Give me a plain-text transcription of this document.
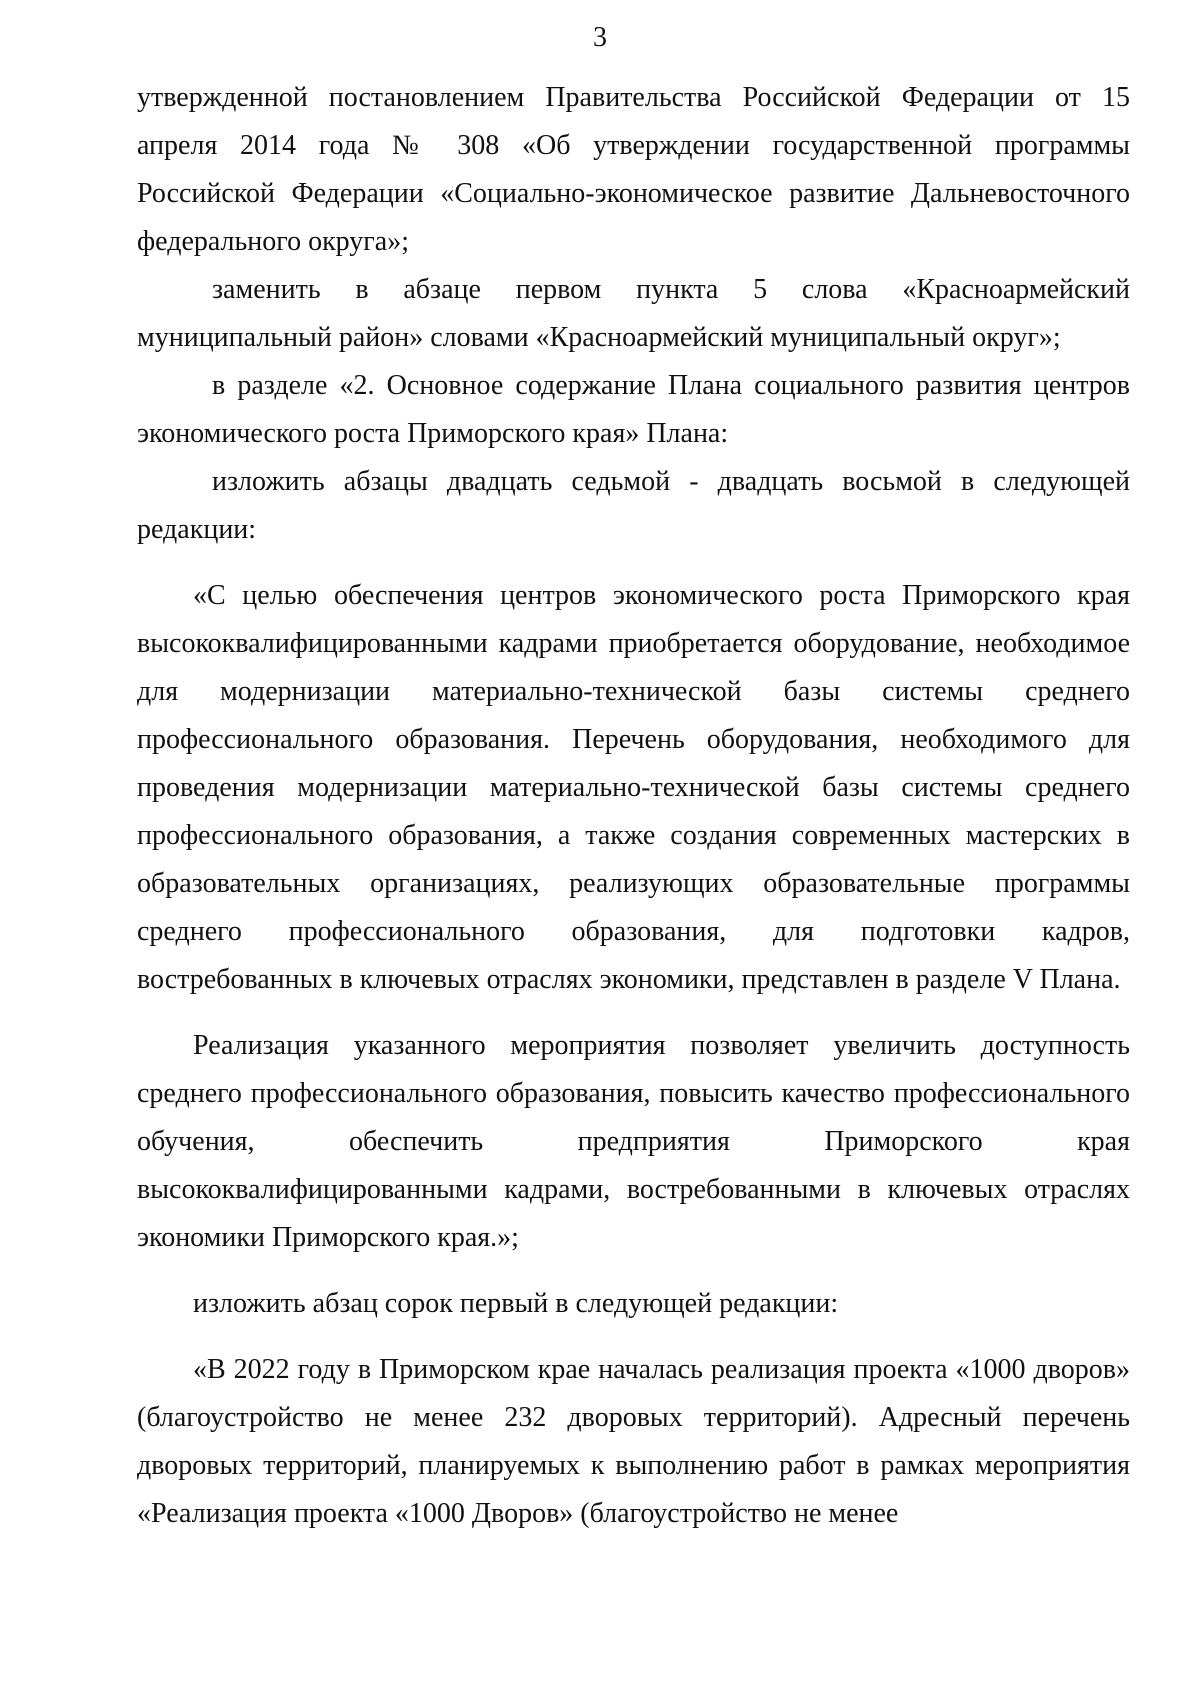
3

утвержденной постановлением Правительства Российской Федерации от 15 апреля 2014 года № 308 «Об утверждении государственной программы Российской Федерации «Социально-экономическое развитие Дальневосточного федерального округа»;

заменить в абзаце первом пункта 5 слова «Красноармейский муниципальный район» словами «Красноармейский муниципальный округ»;

в разделе «2. Основное содержание Плана социального развития центров экономического роста Приморского края» Плана:

изложить абзацы двадцать седьмой - двадцать восьмой в следующей редакции:

«С целью обеспечения центров экономического роста Приморского края высококвалифицированными кадрами приобретается оборудование, необходимое для модернизации материально-технической базы системы среднего профессионального образования. Перечень оборудования, необходимого для проведения модернизации материально-технической базы системы среднего профессионального образования, а также создания современных мастерских в образовательных организациях, реализующих образовательные программы среднего профессионального образования, для подготовки кадров, востребованных в ключевых отраслях экономики, представлен в разделе V Плана.

Реализация указанного мероприятия позволяет увеличить доступность среднего профессионального образования, повысить качество профессионального обучения, обеспечить предприятия Приморского края высококвалифицированными кадрами, востребованными в ключевых отраслях экономики Приморского края.»;

изложить абзац сорок первый в следующей редакции:

«В 2022 году в Приморском крае началась реализация проекта «1000 дворов» (благоустройство не менее 232 дворовых территорий). Адресный перечень дворовых территорий, планируемых к выполнению работ в рамках мероприятия «Реализация проекта «1000 Дворов» (благоустройство не менее
